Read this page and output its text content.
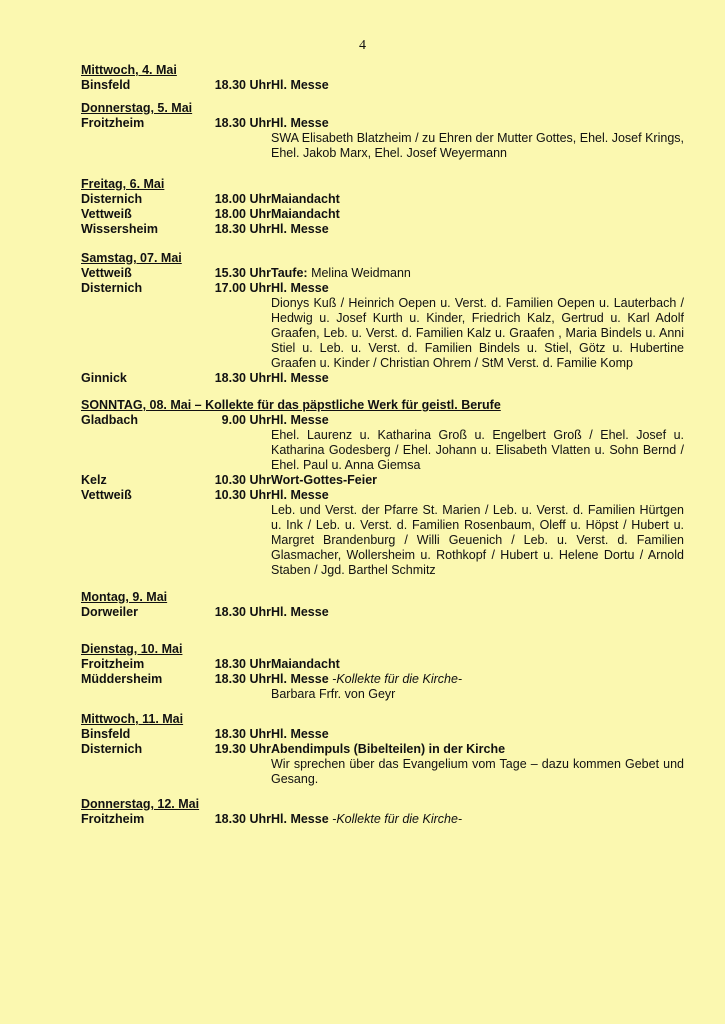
4
Mittwoch, 4. Mai
Binsfeld	18.30 Uhr Hl. Messe
Donnerstag, 5. Mai
Froitzheim	18.30 Uhr Hl. Messe
SWA Elisabeth Blatzheim / zu Ehren der Mutter Gottes, Ehel. Josef Krings, Ehel. Jakob Marx, Ehel. Josef Weyermann
Freitag, 6. Mai
Disternich	18.00 Uhr Maiandacht
Vettweiß	18.00 Uhr Maiandacht
Wissersheim	18.30 Uhr Hl. Messe
Samstag, 07. Mai
Vettweiß	15.30 Uhr Taufe: Melina Weidmann
Disternich	17.00 Uhr Hl. Messe
Dionys Kuß / Heinrich Oepen u. Verst. d. Familien Oepen u. Lauterbach / Hedwig u. Josef Kurth u. Kinder, Friedrich Kalz, Gertrud u. Karl Adolf Graafen, Leb. u. Verst. d. Familien Kalz u. Graafen , Maria Bindels u. Anni Stiel u. Leb. u. Verst. d. Familien Bindels u. Stiel, Götz u. Hubertine Graafen u. Kinder / Christian Ohrem / StM Verst. d. Familie Komp
Ginnick	18.30 Uhr Hl. Messe
SONNTAG, 08. Mai – Kollekte für das päpstliche Werk für geistl. Berufe
Gladbach	9.00 Uhr Hl. Messe
Ehel. Laurenz u. Katharina Groß u. Engelbert Groß / Ehel. Josef u. Katharina Godesberg / Ehel. Johann u. Elisabeth Vlatten u. Sohn Bernd / Ehel. Paul u. Anna Giemsa
Kelz	10.30 Uhr Wort-Gottes-Feier
Vettweiß	10.30 Uhr Hl. Messe
Leb. und Verst. der Pfarre St. Marien / Leb. u. Verst. d. Familien Hürtgen u. Ink / Leb. u. Verst. d. Familien Rosenbaum, Oleff u. Höpst / Hubert u. Margret Brandenburg / Willi Geuenich / Leb. u. Verst. d. Familien Glasmacher, Wollersheim u. Rothkopf / Hubert u. Helene Dortu / Arnold Staben / Jgd. Barthel Schmitz
Montag, 9. Mai
Dorweiler	18.30 Uhr Hl. Messe
Dienstag, 10. Mai
Froitzheim	18.30 Uhr Maiandacht
Müddersheim	18.30 Uhr Hl. Messe -Kollekte für die Kirche-
Barbara Frfr. von Geyr
Mittwoch, 11. Mai
Binsfeld	18.30 Uhr Hl. Messe
Disternich	19.30 Uhr Abendimpuls (Bibelteilen) in der Kirche
Wir sprechen über das Evangelium vom Tage – dazu kommen Gebet und Gesang.
Donnerstag, 12. Mai
Froitzheim	18.30 Uhr Hl. Messe -Kollekte für die Kirche-
